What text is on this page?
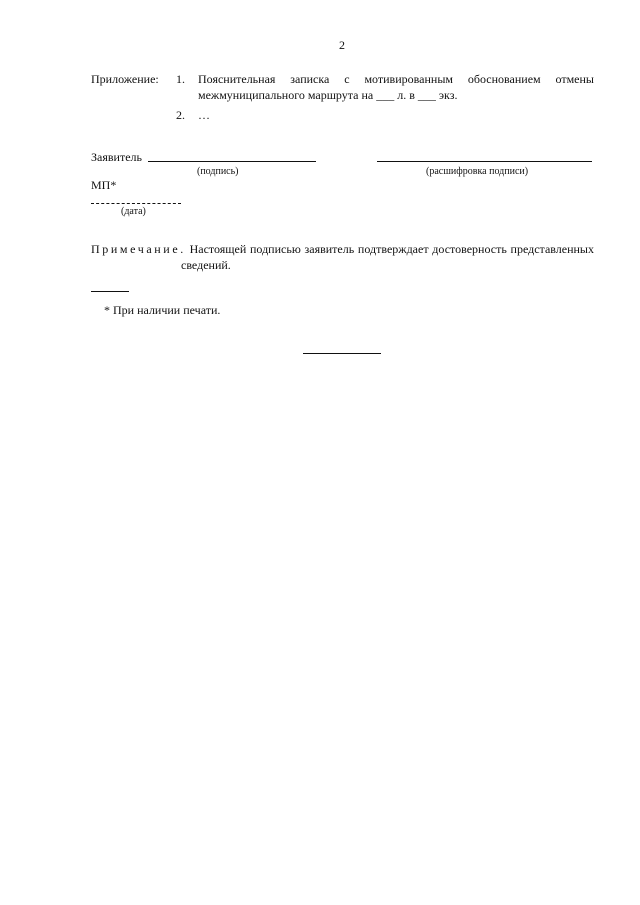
2
Приложение: 1. Пояснительная записка с мотивированным обоснованием отмены
межмуниципального маршрута на ___ л. в ___ экз.
2. …
Заявитель
(подпись)	(расшифровка подписи)
МП*
(дата)
Примечание. Настоящей подписью заявитель подтверждает достоверность представленных
сведений.
* При наличии печати.
